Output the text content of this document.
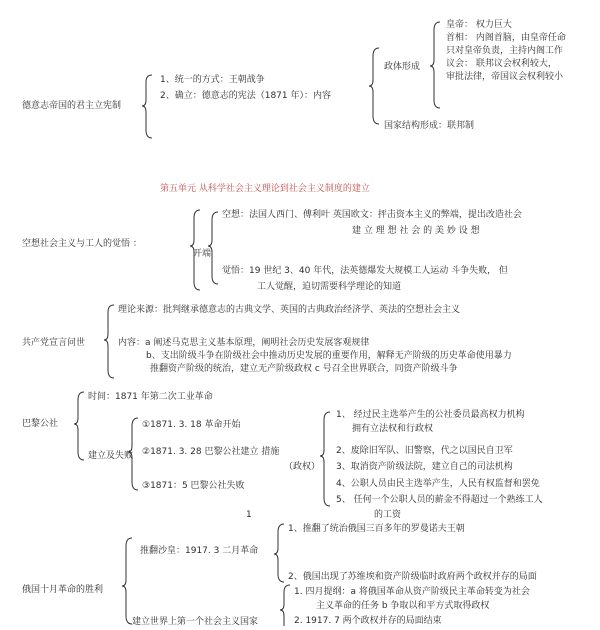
德意志帝国的君主立宪制
1、统一的方式：王朝战争
2、确立：德意志的宪法（1871 年）：内容
政体形成
皇帝： 权力巨大
首相： 内阁首脑，由皇帝任命
只对皇帝负责，主持内阁工作
议会： 联邦议会权利较大，
审批法律，帝国议会权利较小
国家结构形成：联邦制
第五单元 从科学社会主义理论到社会主义制度的建立
空想社会主义与工人的觉悟 ：
开端
空想：法国人西门、傅利叶 英国欧文：抨击资本主义的弊端，提出改造社会
建 立 理 想 社 会 的 美 妙 设 想
觉悟：19 世纪 3、40 年代，法英德爆发大规模工人运动 斗争失败， 但
工人觉醒，迫切需要科学理论的知道
共产党宣言问世
理论来源：批判继承德意志的古典文学、英国的古典政治经济学、英法的空想社会主义
内容：a 阐述马克思主义基本原理，阐明社会历史发展客观规律
b、支出阶级斗争在阶级社会中推动历史发展的重要作用，解释无产阶级的历史革命使用暴力
推翻资产阶级的统治，建立无产阶级政权 c 号召全世界联合，同资产阶级斗争
巴黎公社
时间：1871 年第二次工业革命
建立及失败
①1871. 3. 18 革命开始
②1871. 3. 28 巴黎公社建立 措施
（政权）
③1871：5 巴黎公社失败
1、 经过民主选举产生的公社委员最高权力机构
拥有立法权和行政权
2、废除旧军队、旧警察，代之以国民自卫军
3、取消资产阶级法院，建立自己的司法机构
4、公职人员由民主选举产生，人民有权监督和罢免
5、 任何一个公职人员的薪金不得超过一个熟练工人
的工资
1
俄国十月革命的胜利
推翻沙皇：1917. 3 二月革命
1、推翻了统治俄国三百多年的罗曼诺夫王朝
2、俄国出现了苏维埃和资产阶级临时政府两个政权并存的局面
建立世界上第一个社会主义国家
1. 四月提纲：a 将俄国革命从资产阶级民主革命转变为社会
主义革命的任务 b 争取以和平方式取得政权
2. 1917. 7 两个政权并存的局面结束
